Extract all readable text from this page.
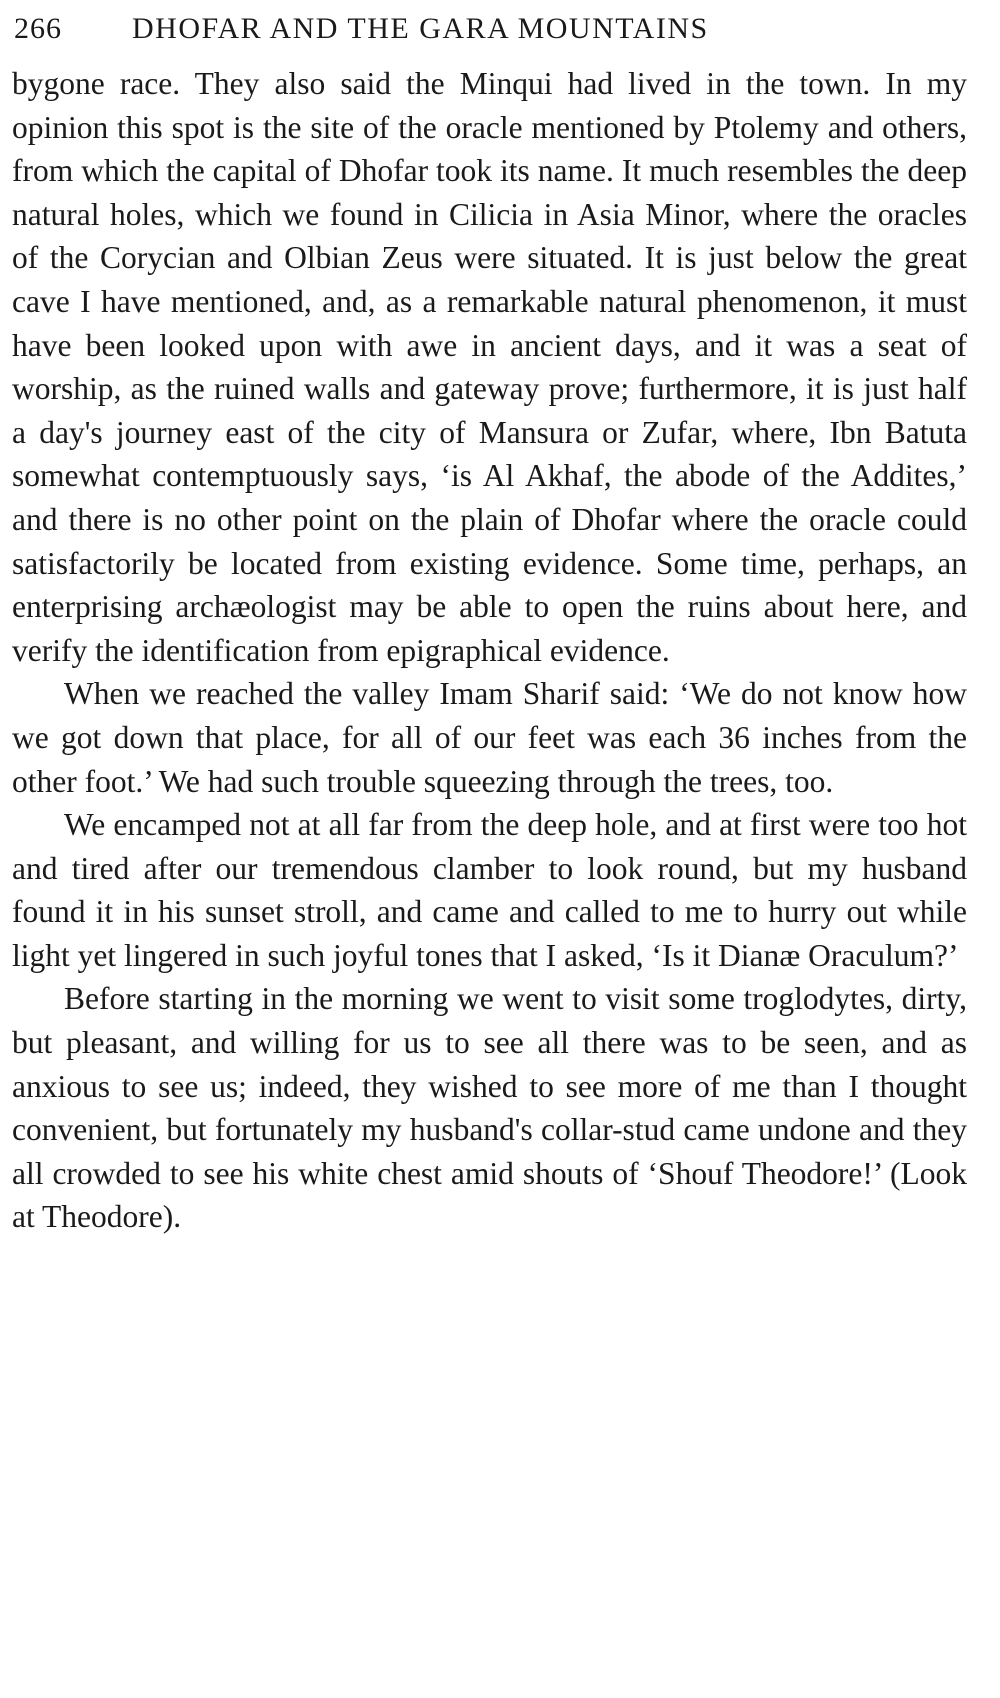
266 DHOFAR AND THE GARA MOUNTAINS

bygone race. They also said the Minqui had lived in the town. In my opinion this spot is the site of the oracle mentioned by Ptolemy and others, from which the capital of Dhofar took its name. It much resembles the deep natural holes, which we found in Cilicia in Asia Minor, where the oracles of the Corycian and Olbian Zeus were situated. It is just below the great cave I have mentioned, and, as a remarkable natural phenomenon, it must have been looked upon with awe in ancient days, and it was a seat of worship, as the ruined walls and gateway prove; furthermore, it is just half a day's journey east of the city of Mansura or Zufar, where, Ibn Batuta somewhat contemptuously says, ‘is Al Akhaf, the abode of the Addites,’ and there is no other point on the plain of Dhofar where the oracle could satisfactorily be located from existing evidence. Some time, perhaps, an enterprising archæologist may be able to open the ruins about here, and verify the identification from epigraphical evidence.

When we reached the valley Imam Sharif said: ‘We do not know how we got down that place, for all of our feet was each 36 inches from the other foot.’ We had such trouble squeezing through the trees, too.

We encamped not at all far from the deep hole, and at first were too hot and tired after our tremendous clamber to look round, but my husband found it in his sunset stroll, and came and called to me to hurry out while light yet lingered in such joyful tones that I asked, ‘Is it Dianæ Oraculum?’

Before starting in the morning we went to visit some troglodytes, dirty, but pleasant, and willing for us to see all there was to be seen, and as anxious to see us; indeed, they wished to see more of me than I thought convenient, but fortunately my husband's collar-stud came undone and they all crowded to see his white chest amid shouts of ‘Shouf Theodore!’ (Look at Theodore).
